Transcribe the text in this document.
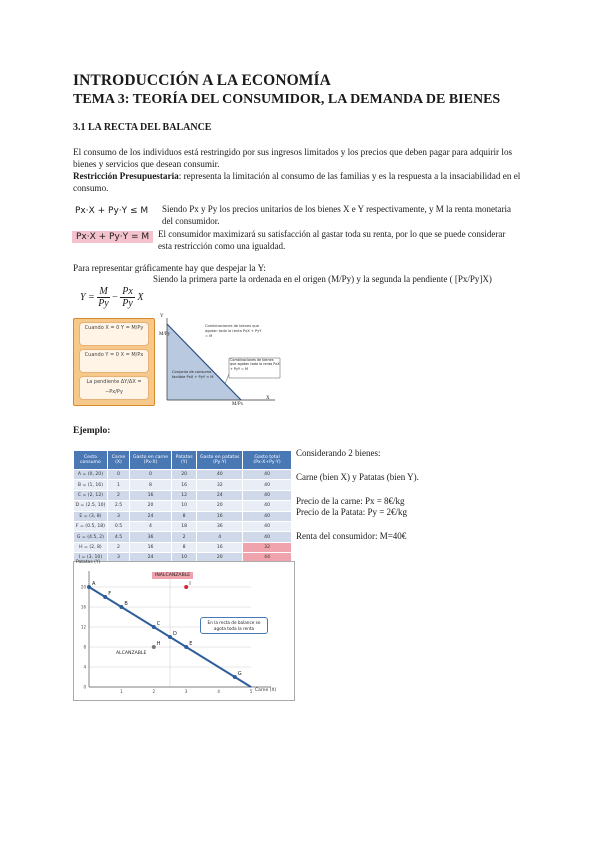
INTRODUCCIÓN A LA ECONOMÍA
TEMA 3: TEORÍA DEL CONSUMIDOR, LA DEMANDA DE BIENES
3.1 LA RECTA DEL BALANCE
El consumo de los individuos está restringido por sus ingresos limitados y los precios que deben pagar para adquirir los bienes y servicios que desean consumir.
Restricción Presupuestaria: representa la limitación al consumo de las familias y es la respuesta a la insaciabilidad en el consumo.
Px·X + Py·Y ≤ M Siendo Px y Py los precios unitarios de los bienes X e Y respectivamente, y M la renta monetaria del consumidor.
Px·X + Py·Y = M El consumidor maximizará su satisfacción al gastar toda su renta, por lo que se puede considerar esta restricción como una igualdad.
Para representar gráficamente hay que despejar la Y:
Siendo la primera parte la ordenada en el origen (M/Py) y la segunda la pendiente ( [Px/Py]X)
$Y = \frac{M}{Py} - \frac{Px}{Py}$ X
Cuando X = 0 Y = M/Py
Cuando Y = 0 X = M/Px
La pendiente ΔY/ΔX = −Px/Py
Combinaciones de bienes que agotan toda la renta PxX + PyY = M
Combinaciones de bienes que agotan toda la renta PxX + PyY = M
Conjunto de consumo factible PxX + PyY < M
M/Py
Y
M/Px
X
Ejemplo:
Cesta consumo	Carne (X)	Gasto en carne (Px·X)	Patatas (Y)	Gasto en patatas (Py·Y)	Gasto total (Px·X+Py·Y)
A = (0, 20)	0	0	20	40	40
B = (1, 16)	1	8	16	32	40
C = (2, 12)	2	16	12	24	40
D = (2.5, 10)	2.5	20	10	20	40
E = (3, 8)	3	24	8	16	40
F = (0.5, 18)	0.5	4	18	36	40
G = (4.5, 2)	4.5	36	2	4	40
H = (2, 8)	2	16	8	16	32
I = (3, 10)	3	24	10	20	44
Considerando 2 bienes:
Carne (bien X) y Patatas (bien Y).
Precio de la carne: Px = 8€/kg
Precio de la Patata: Py = 2€/kg
Renta del consumidor: M=40€
0
4
8
12
16
20
1	2	3	4	5
A
F
B
C
D
E
G
H
I
Patatas (Y)
Carne (X)
INALCANZABLE
ALCANZABLE
En la recta de balance se agota toda la renta
